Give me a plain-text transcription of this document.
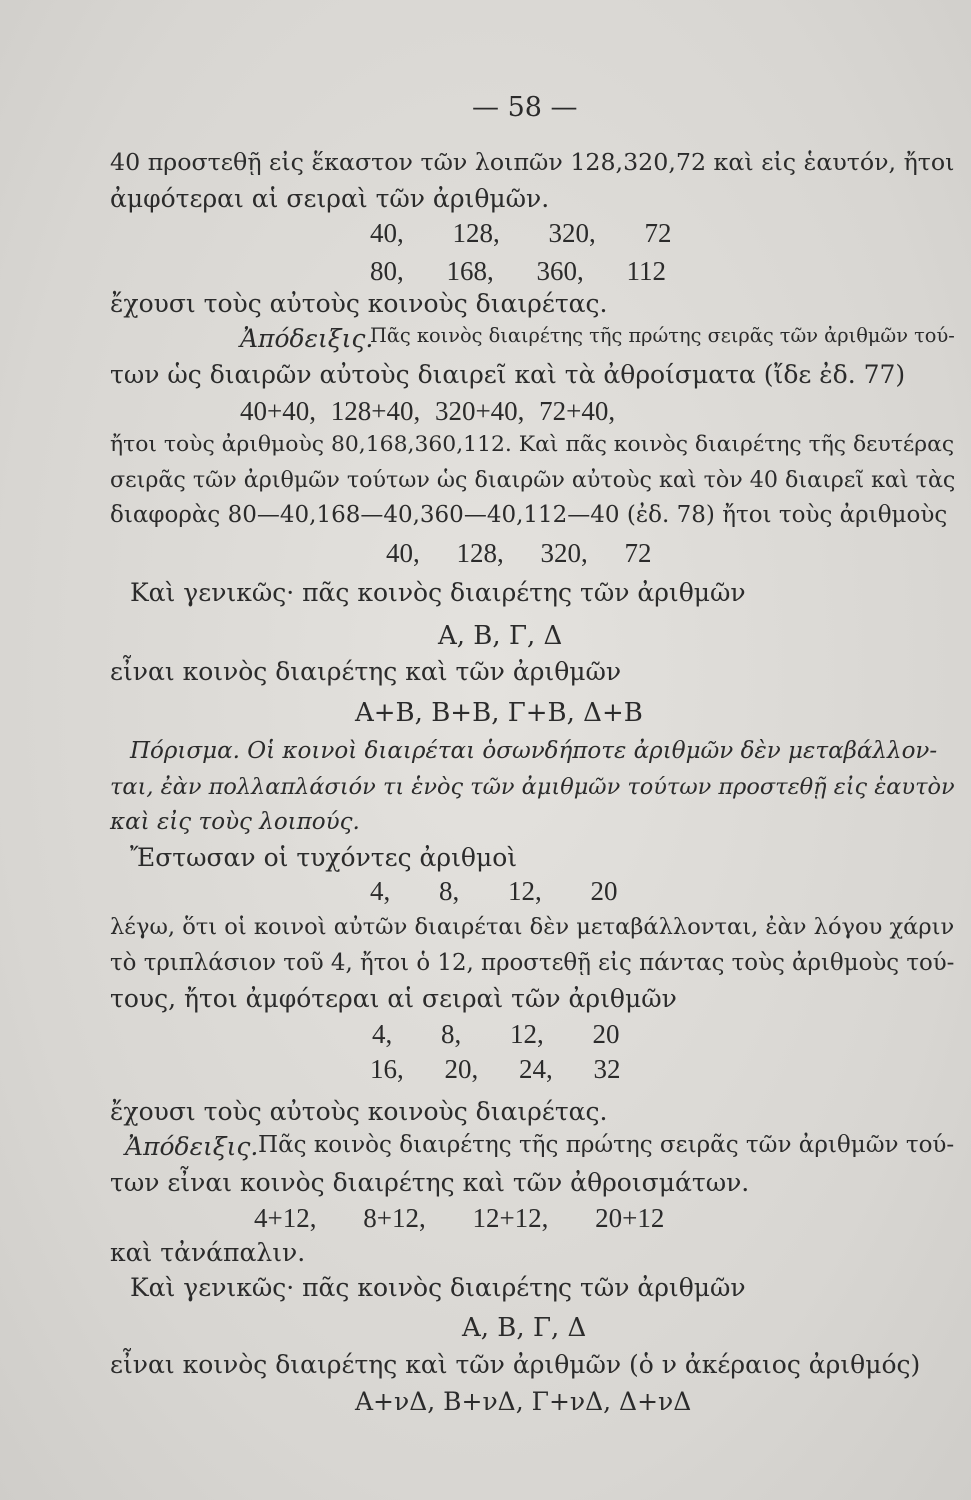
— 58 —
40 προστεθῇ εἰς ἕκαστον τῶν λοιπῶν 128,320,72 καὶ εἰς ἑαυτόν, ἤτοι
ἀμφότεραι αἱ σειραὶ τῶν ἀριθμῶν.
40, 128, 320, 72
80, 168, 360, 112
ἔχουσι τοὺς αὐτοὺς κοινοὺς διαιρέτας.
Ἀπόδειξις.
Πᾶς κοινὸς διαιρέτης τῆς πρώτης σειρᾶς τῶν ἀριθμῶν τού-
των ὡς διαιρῶν αὐτοὺς διαιρεῖ καὶ τὰ ἀθροίσματα (ἴδε ἐδ. 77)
40+40, 128+40, 320+40, 72+40,
ἤτοι τοὺς ἀριθμοὺς 80,168,360,112. Καὶ πᾶς κοινὸς διαιρέτης τῆς δευτέρας
σειρᾶς τῶν ἀριθμῶν τούτων ὡς διαιρῶν αὐτοὺς καὶ τὸν 40 διαιρεῖ καὶ τὰς
διαφορὰς 80—40,168—40,360—40,112—40 (ἐδ. 78) ἤτοι τοὺς ἀριθμοὺς
40, 128, 320, 72
Καὶ γενικῶς· πᾶς κοινὸς διαιρέτης τῶν ἀριθμῶν
Α, Β, Γ, Δ
εἶναι κοινὸς διαιρέτης καὶ τῶν ἀριθμῶν
Α+Β, Β+Β, Γ+Β, Δ+Β
Πόρισμα. Οἱ κοινοὶ διαιρέται ὁσωνδήποτε ἀριθμῶν δὲν μεταβάλλον-
ται, ἐὰν πολλαπλάσιόν τι ἑνὸς τῶν ἀμιθμῶν τούτων προστεθῇ εἰς ἑαυτὸν
καὶ εἰς τοὺς λοιπούς.
Ἔστωσαν οἱ τυχόντες ἀριθμοὶ
4, 8, 12, 20
λέγω, ὅτι οἱ κοινοὶ αὐτῶν διαιρέται δὲν μεταβάλλονται, ἐὰν λόγου χάριν
τὸ τριπλάσιον τοῦ 4, ἤτοι ὁ 12, προστεθῇ εἰς πάντας τοὺς ἀριθμοὺς τού-
τους, ἤτοι ἀμφότεραι αἱ σειραὶ τῶν ἀριθμῶν
4, 8, 12, 20
16, 20, 24, 32
ἔχουσι τοὺς αὐτοὺς κοινοὺς διαιρέτας.
Ἀπόδειξις. Πᾶς κοινὸς διαιρέτης τῆς πρώτης σειρᾶς τῶν ἀριθμῶν τού-
των εἶναι κοινὸς διαιρέτης καὶ τῶν ἀθροισμάτων.
4+12, 8+12, 12+12, 20+12
καὶ τἀνάπαλιν.
Καὶ γενικῶς· πᾶς κοινὸς διαιρέτης τῶν ἀριθμῶν
Α, Β, Γ, Δ
εἶναι κοινὸς διαιρέτης καὶ τῶν ἀριθμῶν (ὁ ν ἀκέραιος ἀριθμός)
Α+νΔ, Β+νΔ, Γ+νΔ, Δ+νΔ
